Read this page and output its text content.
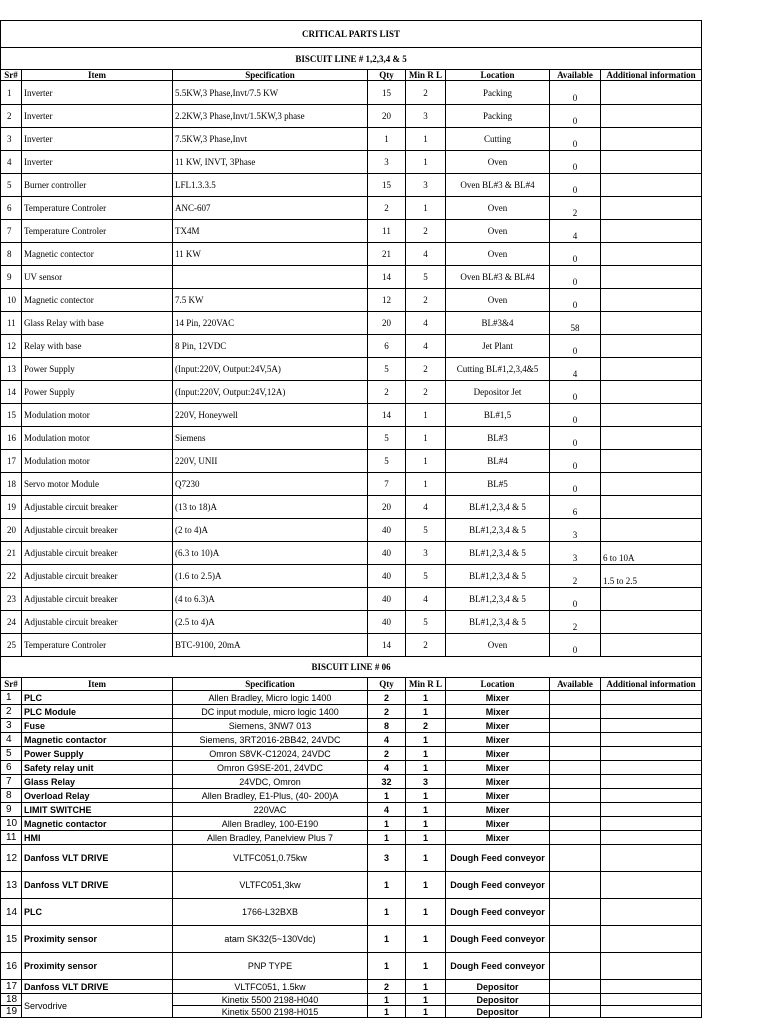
CRITICAL PARTS LIST							
BISCUIT LINE # 1,2,3,4 & 5							
Sr#	Item	Specification	Qty	Min R L	Location	Available	Additional information
1	Inverter	5.5KW,3 Phase,Invt/7.5 KW	15	2	Packing	0	
2	Inverter	2.2KW,3 Phase,Invt/1.5KW,3 phase	20	3	Packing	0	
3	Inverter	7.5KW,3 Phase,Invt	1	1	Cutting	0	
4	Inverter	11 KW, INVT, 3Phase	3	1	Oven	0	
5	Burner controller	LFL1.3.3.5	15	3	Oven BL#3 & BL#4	0	
6	Temperature Controler	ANC-607	2	1	Oven	2	
7	Temperature Controler	TX4M	11	2	Oven	4	
8	Magnetic contector	11 KW	21	4	Oven	0	
9	UV sensor		14	5	Oven BL#3 & BL#4	0	
10	Magnetic contector	7.5 KW	12	2	Oven	0	
11	Glass Relay with base	14 Pin, 220VAC	20	4	BL#3&4	58	
12	Relay with base	8 Pin, 12VDC	6	4	Jet Plant	0	
13	Power Supply	(Input:220V, Output:24V,5A)	5	2	Cutting BL#1,2,3,4&5	4	
14	Power Supply	(Input:220V, Output:24V,12A)	2	2	Depositor Jet	0	
15	Modulation motor	220V, Honeywell	14	1	BL#1,5	0	
16	Modulation motor	Siemens	5	1	BL#3	0	
17	Modulation motor	220V, UNII	5	1	BL#4	0	
18	Servo motor Module	Q7230	7	1	BL#5	0	
19	Adjustable circuit breaker	(13 to 18)A	20	4	BL#1,2,3,4 & 5	6	
20	Adjustable circuit breaker	(2 to 4)A	40	5	BL#1,2,3,4 & 5	3	
21	Adjustable circuit breaker	(6.3 to 10)A	40	3	BL#1,2,3,4 & 5	3	6 to 10A
22	Adjustable circuit breaker	(1.6 to 2.5)A	40	5	BL#1,2,3,4 & 5	2	1.5 to 2.5
23	Adjustable circuit breaker	(4 to 6.3)A	40	4	BL#1,2,3,4 & 5	0	
24	Adjustable circuit breaker	(2.5 to 4)A	40	5	BL#1,2,3,4 & 5	2	
25	Temperature Controler	BTC-9100, 20mA	14	2	Oven	0	
BISCUIT LINE # 06							
Sr#	Item	Specification	Qty	Min R L	Location	Available	Additional information
1	PLC	Allen Bradley, Micro logic 1400	2	1	Mixer		
2	PLC Module	DC input module, micro logic 1400	2	1	Mixer		
3	Fuse	Siemens, 3NW7 013	8	2	Mixer		
4	Magnetic contactor	Siemens, 3RT2016-2BB42, 24VDC	4	1	Mixer		
5	Power Supply	Omron S8VK-C12024, 24VDC	2	1	Mixer		
6	Safety relay unit	Omron G9SE-201, 24VDC	4	1	Mixer		
7	Glass Relay	24VDC, Omron	32	3	Mixer		
8	Overload Relay	Allen Bradley, E1-Plus, (40- 200)A	1	1	Mixer		
9	LIMIT SWITCHE	220VAC	4	1	Mixer		
10	Magnetic contactor	Allen Bradley, 100-E190	1	1	Mixer		
11	HMI	Allen Bradley, Panelview Plus 7	1	1	Mixer		
12	Danfoss VLT DRIVE	VLTFC051,0.75kw	3	1	Dough Feed conveyor		
13	Danfoss VLT DRIVE	VLTFC051,3kw	1	1	Dough Feed conveyor		
14	PLC	1766-L32BXB	1	1	Dough Feed conveyor		
15	Proximity sensor	atam SK32(5~130Vdc)	1	1	Dough Feed conveyor		
16	Proximity sensor	PNP TYPE	1	1	Dough Feed conveyor		
17	Danfoss VLT DRIVE	VLTFC051, 1.5kw	2	1	Depositor		
18	Servodrive	Kinetix 5500 2198-H040	1	1	Depositor		
19		Kinetix 5500 2198-H015	1	1	Depositor		
